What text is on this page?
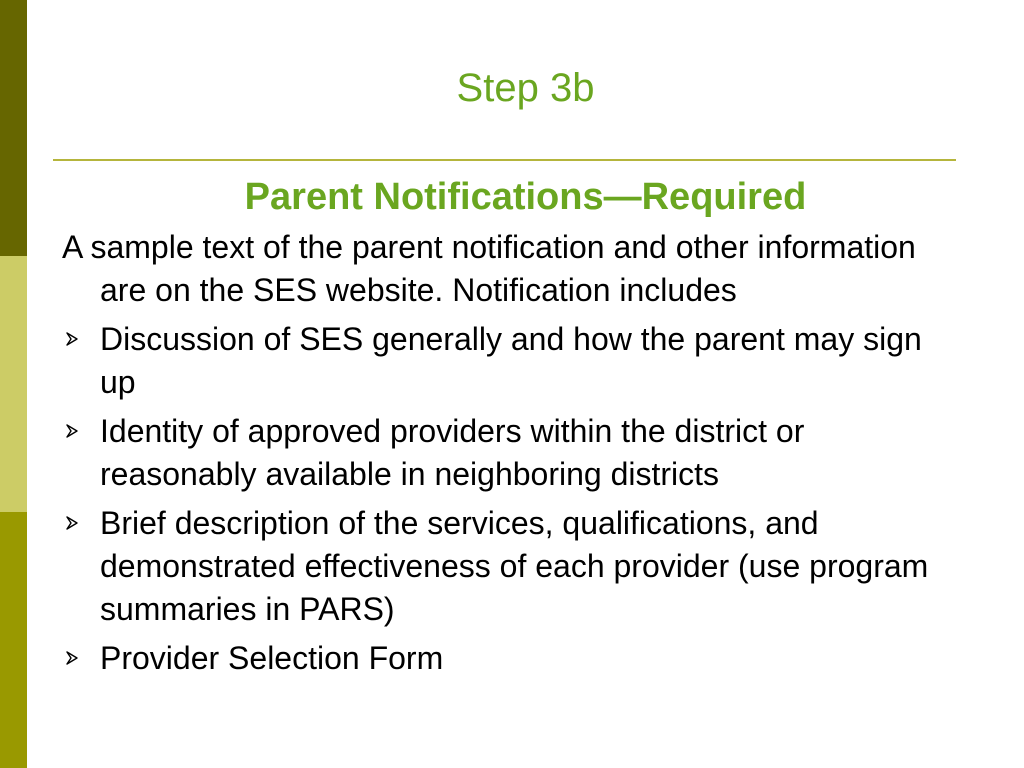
Step 3b
Parent Notifications—Required

A sample text of the parent notification and other information are on the SES website. Notification includes

Discussion of SES generally and how the parent may sign up
Identity of approved providers within the district or reasonably available in neighboring districts
Brief description of the services, qualifications, and demonstrated effectiveness of each provider (use program summaries in PARS)
Provider Selection Form
